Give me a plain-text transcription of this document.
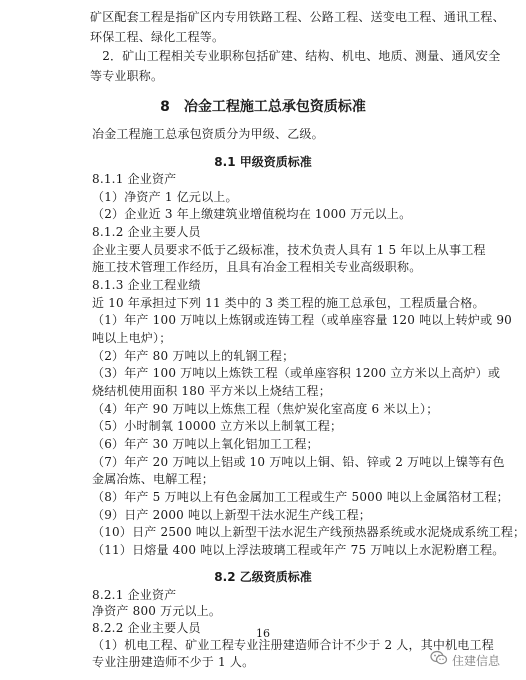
矿区配套工程是指矿区内专用铁路工程、公路工程、送变电工程、通讯工程、
环保工程、绿化工程等。
　2．矿山工程相关专业职称包括矿建、结构、机电、地质、测量、通风安全
等专业职称。
8　冶金工程施工总承包资质标准
冶金工程施工总承包资质分为甲级、乙级。
8.1 甲级资质标准
8.1.1 企业资产
（1）净资产 1 亿元以上。
（2）企业近 3 年上缴建筑业增值税均在 1000 万元以上。
8.1.2 企业主要人员
企业主要人员要求不低于乙级标准，技术负责人具有 1 5 年以上从事工程
施工技术管理工作经历，且具有冶金工程相关专业高级职称。
8.1.3 企业工程业绩
近 10 年承担过下列 11 类中的 3 类工程的施工总承包，工程质量合格。
（1）年产 100 万吨以上炼钢或连铸工程（或单座容量 120 吨以上转炉或 90
吨以上电炉）；
（2）年产 80 万吨以上的轧钢工程；
（3）年产 100 万吨以上炼铁工程（或单座容积 1200 立方米以上高炉）或
烧结机使用面积 180 平方米以上烧结工程；
（4）年产 90 万吨以上炼焦工程（焦炉炭化室高度 6 米以上）；
（5）小时制氧 10000 立方米以上制氧工程；
（6）年产 30 万吨以上氧化铝加工工程；
（7）年产 20 万吨以上铝或 10 万吨以上铜、铅、锌或 2 万吨以上镍等有色
金属冶炼、电解工程；
（8）年产 5 万吨以上有色金属加工工程或生产 5000 吨以上金属箔材工程；
（9）日产 2000 吨以上新型干法水泥生产线工程；
（10）日产 2500 吨以上新型干法水泥生产线预热器系统或水泥烧成系统工程；
（11）日熔量 400 吨以上浮法玻璃工程或年产 75 万吨以上水泥粉磨工程。
8.2 乙级资质标准
8.2.1 企业资产
净资产 800 万元以上。
8.2.2 企业主要人员
（1）机电工程、矿业工程专业注册建造师合计不少于 2 人，其中机电工程
专业注册建造师不少于 1 人。
16
住建信息
